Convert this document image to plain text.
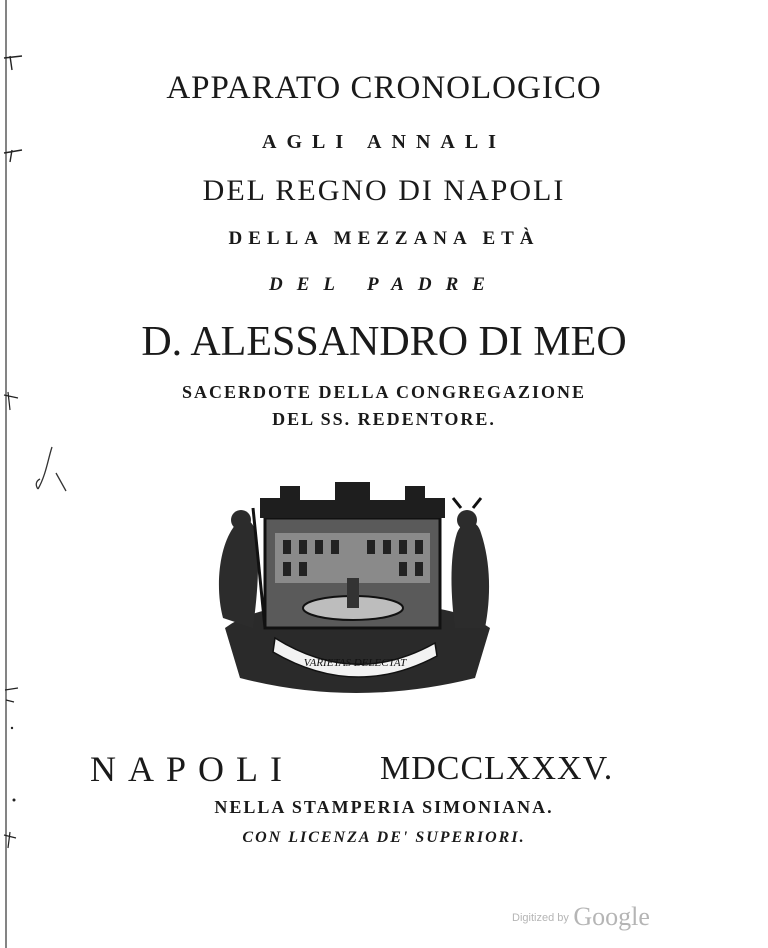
APPARATO CRONOLOGICO
AGLI ANNALI
DEL REGNO DI NAPOLI
DELLA MEZZANA ETÀ
DEL PADRE
D. ALESSANDRO DI MEO
SACERDOTE DELLA CONGREGAZIONE
DEL SS. REDENTORE.
VARIETAS DELECTAT
NAPOLI	MDCCLXXXV.
NELLA STAMPERIA SIMONIANA.
CON LICENZA DE' SUPERIORI.
$^{Digitized by}$ Google
